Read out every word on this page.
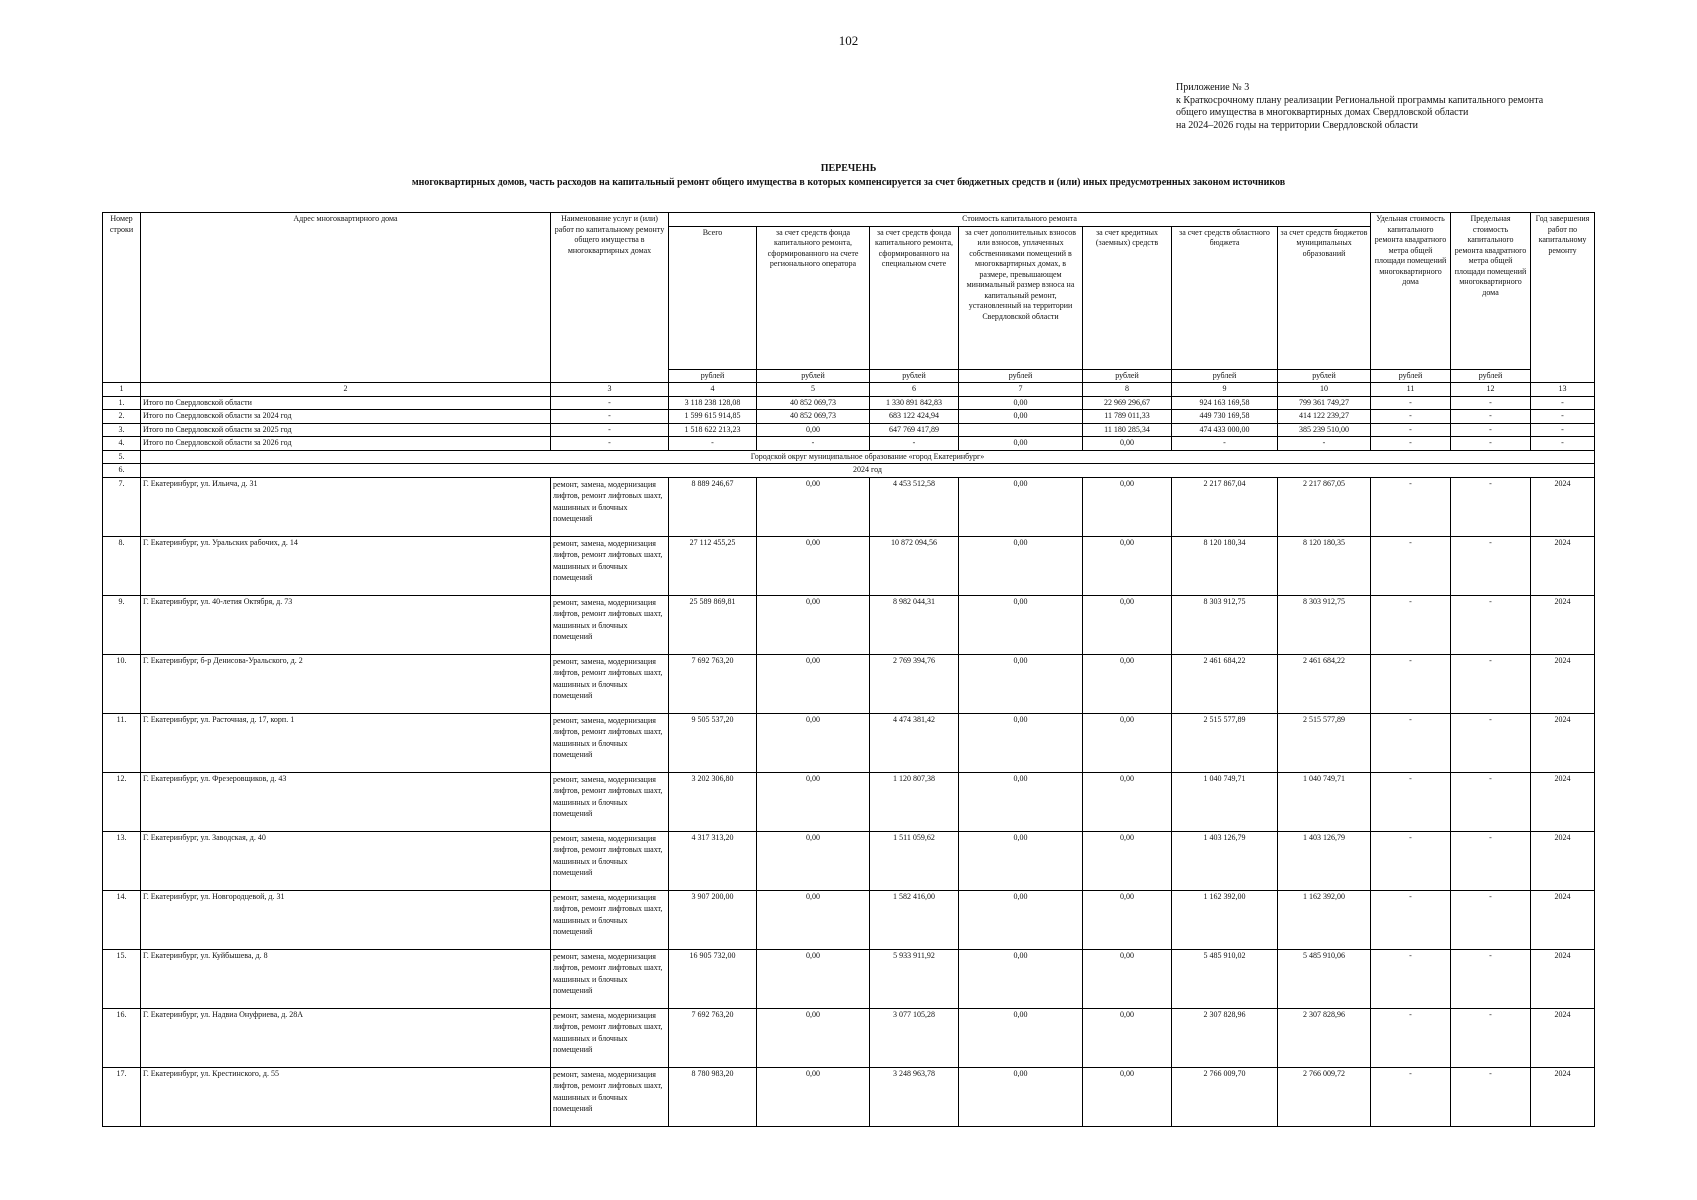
102
Приложение № 3
к Краткосрочному плану реализации Региональной программы капитального ремонта
общего имущества в многоквартирных домах Свердловской области
на 2024–2026 годы на территории Свердловской области
ПЕРЕЧЕНЬ
многоквартирных домов, часть расходов на капитальный ремонт общего имущества в которых компенсируется за счет бюджетных средств и (или) иных предусмотренных законом источников
Номер строки	Адрес многоквартирного дома	Наименование услуг и (или) работ по капитальному ремонту общего имущества в многоквартирных домах	Стоимость капитального ремонта							Удельная стоимость капитального ремонта квадратного метра общей площади помещений многоквартирного дома	Предельная стоимость капитального ремонта квадратного метра общей площади помещений многоквартирного дома	Год завершения работ по капитальному ремонту
			Всего	за счет средств фонда капитального ремонта, сформированного на счете регионального оператора	за счет средств фонда капитального ремонта, сформированного на специальном счете	за счет дополнительных взносов или взносов, уплаченных собственниками помещений в многоквартирных домах, в размере, превышающем минимальный размер взноса на капитальный ремонт, установленный на территории Свердловской области	за счет кредитных (заемных) средств	за счет средств областного бюджета	за счет средств бюджетов муниципальных образований			
			рублей	рублей	рублей	рублей	рублей	рублей	рублей	рублей	рублей	
1	2	3	4	5	6	7	8	9	10	11	12	13
1.	Итого по Свердловской области	-	3 118 238 128,08	40 852 069,73	1 330 891 842,83	0,00	22 969 296,67	924 163 169,58	799 361 749,27	-	-	-
2.	Итого по Свердловской области за 2024 год	-	1 599 615 914,85	40 852 069,73	683 122 424,94	0,00	11 789 011,33	449 730 169,58	414 122 239,27	-	-	-
3.	Итого по Свердловской области за 2025 год	-	1 518 622 213,23	0,00	647 769 417,89		11 180 285,34	474 433 000,00	385 239 510,00	-	-	-
4.	Итого по Свердловской области за 2026 год	-	-	-	-	0,00	0,00	-	-	-	-	-
5.	Городской округ муниципальное образование «город Екатеринбург»											
6.	2024 год											
7.	Г. Екатеринбург, ул. Ильича, д. 31	ремонт, замена, модернизация лифтов, ремонт лифтовых шахт, машинных и блочных помещений	8 889 246,67	0,00	4 453 512,58	0,00	0,00	2 217 867,04	2 217 867,05	-	-	2024
8.	Г. Екатеринбург, ул. Уральских рабочих, д. 14	ремонт, замена, модернизация лифтов, ремонт лифтовых шахт, машинных и блочных помещений	27 112 455,25	0,00	10 872 094,56	0,00	0,00	8 120 180,34	8 120 180,35	-	-	2024
9.	Г. Екатеринбург, ул. 40-летия Октября, д. 73	ремонт, замена, модернизация лифтов, ремонт лифтовых шахт, машинных и блочных помещений	25 589 869,81	0,00	8 982 044,31	0,00	0,00	8 303 912,75	8 303 912,75	-	-	2024
10.	Г. Екатеринбург, б-р Денисова-Уральского, д. 2	ремонт, замена, модернизация лифтов, ремонт лифтовых шахт, машинных и блочных помещений	7 692 763,20	0,00	2 769 394,76	0,00	0,00	2 461 684,22	2 461 684,22	-	-	2024
11.	Г. Екатеринбург, ул. Расточная, д. 17, корп. 1	ремонт, замена, модернизация лифтов, ремонт лифтовых шахт, машинных и блочных помещений	9 505 537,20	0,00	4 474 381,42	0,00	0,00	2 515 577,89	2 515 577,89	-	-	2024
12.	Г. Екатеринбург, ул. Фрезеровщиков, д. 43	ремонт, замена, модернизация лифтов, ремонт лифтовых шахт, машинных и блочных помещений	3 202 306,80	0,00	1 120 807,38	0,00	0,00	1 040 749,71	1 040 749,71	-	-	2024
13.	Г. Екатеринбург, ул. Заводская, д. 40	ремонт, замена, модернизация лифтов, ремонт лифтовых шахт, машинных и блочных помещений	4 317 313,20	0,00	1 511 059,62	0,00	0,00	1 403 126,79	1 403 126,79	-	-	2024
14.	Г. Екатеринбург, ул. Новгородцевой, д. 31	ремонт, замена, модернизация лифтов, ремонт лифтовых шахт, машинных и блочных помещений	3 907 200,00	0,00	1 582 416,00	0,00	0,00	1 162 392,00	1 162 392,00	-	-	2024
15.	Г. Екатеринбург, ул. Куйбышева, д. 8	ремонт, замена, модернизация лифтов, ремонт лифтовых шахт, машинных и блочных помещений	16 905 732,00	0,00	5 933 911,92	0,00	0,00	5 485 910,02	5 485 910,06	-	-	2024
16.	Г. Екатеринбург, ул. Надвиа Онуфриева, д. 28А	ремонт, замена, модернизация лифтов, ремонт лифтовых шахт, машинных и блочных помещений	7 692 763,20	0,00	3 077 105,28	0,00	0,00	2 307 828,96	2 307 828,96	-	-	2024
17.	Г. Екатеринбург, ул. Крестинского, д. 55	ремонт, замена, модернизация лифтов, ремонт лифтовых шахт, машинных и блочных помещений	8 780 983,20	0,00	3 248 963,78	0,00	0,00	2 766 009,70	2 766 009,72	-	-	2024
